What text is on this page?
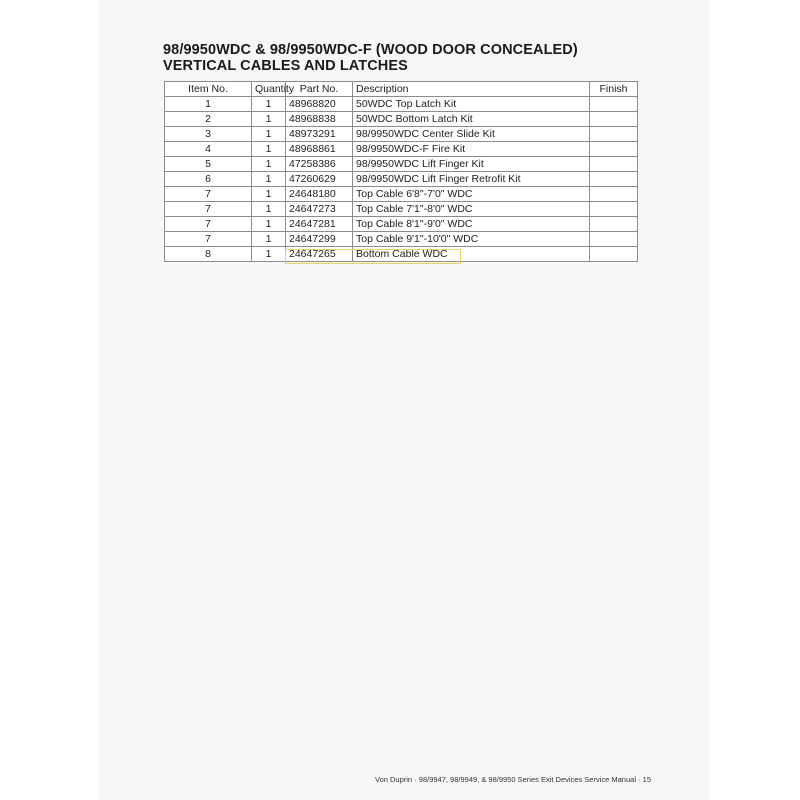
98/9950WDC & 98/9950WDC-F (WOOD DOOR CONCEALED)
VERTICAL CABLES AND LATCHES
Item No.	Quantity	Part No.	Description	Finish
1	1	48968820	50WDC Top Latch Kit	
2	1	48968838	50WDC Bottom Latch Kit	
3	1	48973291	98/9950WDC Center Slide Kit	
4	1	48968861	98/9950WDC-F Fire Kit	
5	1	47258386	98/9950WDC Lift Finger Kit	
6	1	47260629	98/9950WDC Lift Finger Retrofit Kit	
7	1	24648180	Top Cable 6'8"-7'0" WDC	
7	1	24647273	Top Cable 7'1"-8'0" WDC	
7	1	24647281	Top Cable 8'1"-9'0" WDC	
7	1	24647299	Top Cable 9'1"-10'0" WDC	
8	1	24647265	Bottom Cable WDC	
Von Duprin · 98/9947, 98/9949, & 98/9950 Series Exit Devices Service Manual · 15
